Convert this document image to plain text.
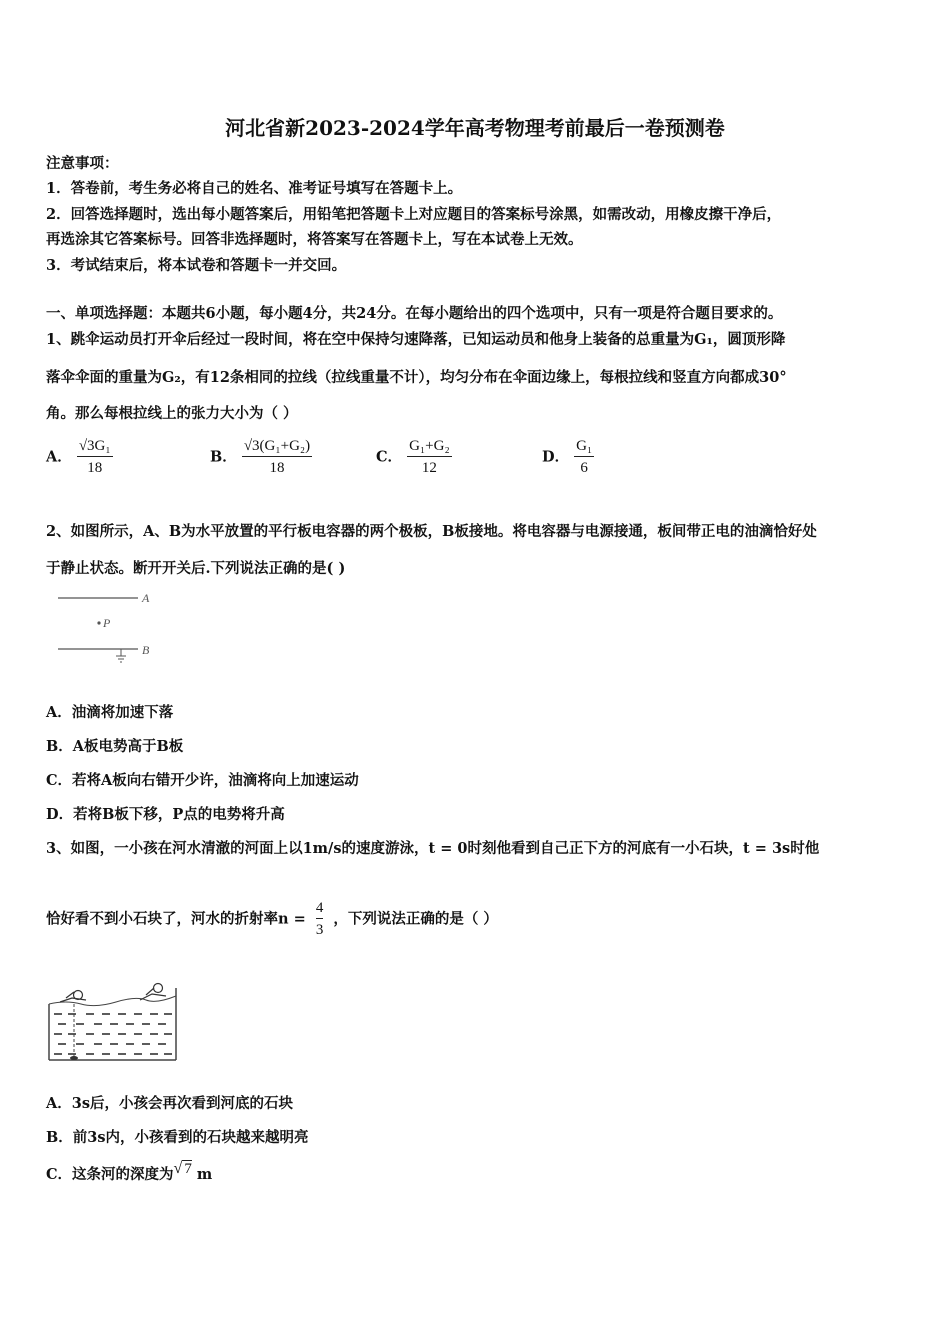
河北省新2023-2024学年高考物理考前最后一卷预测卷
注意事项：
1．答卷前，考生务必将自己的姓名、准考证号填写在答题卡上。
2．回答选择题时，选出每小题答案后，用铅笔把答题卡上对应题目的答案标号涂黑，如需改动，用橡皮擦干净后，
再选涂其它答案标号。回答非选择题时，将答案写在答题卡上，写在本试卷上无效。
3．考试结束后，将本试卷和答题卡一并交回。
一、单项选择题：本题共6小题，每小题4分，共24分。在每小题给出的四个选项中，只有一项是符合题目要求的。
1、跳伞运动员打开伞后经过一段时间，将在空中保持匀速降落，已知运动员和他身上装备的总重量为G₁，圆顶形降
落伞伞面的重量为G₂，有12条相同的拉线（拉线重量不计），均匀分布在伞面边缘上，每根拉线和竖直方向都成30°
角。那么每根拉线上的张力大小为（ ）
A． $\frac{\text{√3G₁}}{18}$	B． $\frac{\text{√3(G₁+G₂)}}{18}$	C． $\frac{\text{G₁+G₂}}{12}$	D． $\frac{\text{G₁}}{6}$
2、如图所示，A、B为水平放置的平行板电容器的两个极板，B板接地。将电容器与电源接通，板间带正电的油滴恰好处
于静止状态。断开开关后.下列说法正确的是( )
A
P
B
A．油滴将加速下落
B．A板电势高于B板
C．若将A板向右错开少许，油滴将向上加速运动
D．若将B板下移，P点的电势将升高
3、如图，一小孩在河水清澈的河面上以1m/s的速度游泳，t = 0时刻他看到自己正下方的河底有一小石块，t = 3s时他
恰好看不到小石块了，河水的折射率$n = \frac{4}{3}$ ，下列说法正确的是（ ）
A．3s后，小孩会再次看到河底的石块
B．前3s内，小孩看到的石块越来越明亮
C．这条河的深度为√ 7 m
